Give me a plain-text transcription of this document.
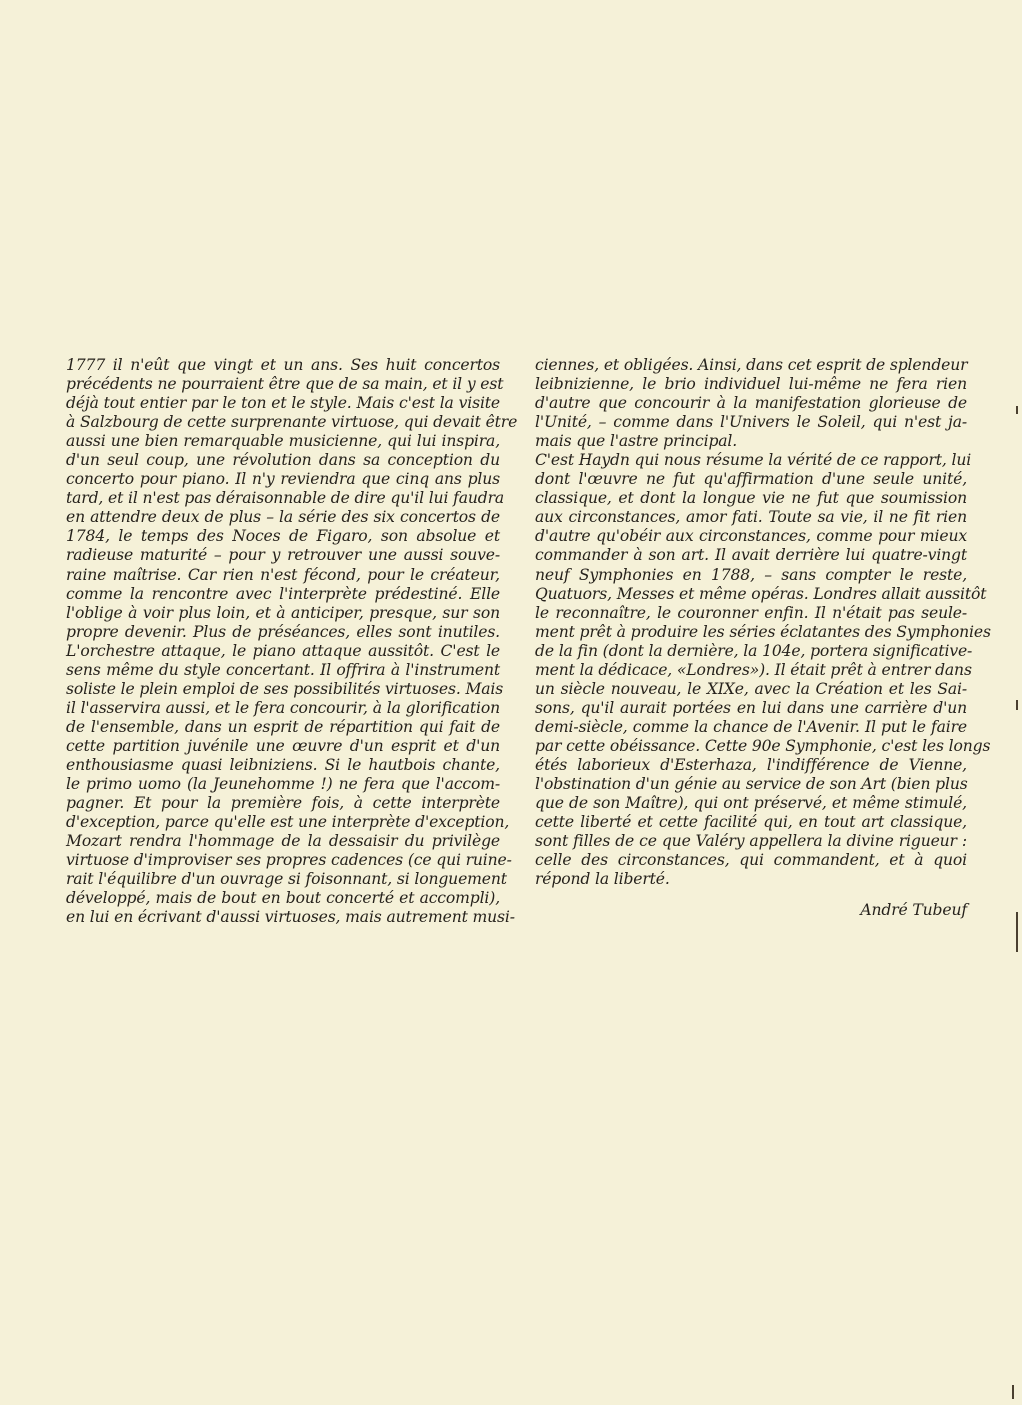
1777 il n'eût que vingt et un ans. Ses huit concertos
précédents ne pourraient être que de sa main, et il y est
déjà tout entier par le ton et le style. Mais c'est la visite
à Salzbourg de cette surprenante virtuose, qui devait être
aussi une bien remarquable musicienne, qui lui inspira,
d'un seul coup, une révolution dans sa conception du
concerto pour piano. Il n'y reviendra que cinq ans plus
tard, et il n'est pas déraisonnable de dire qu'il lui faudra
en attendre deux de plus – la série des six concertos de
1784, le temps des Noces de Figaro, son absolue et
radieuse maturité – pour y retrouver une aussi souve-
raine maîtrise. Car rien n'est fécond, pour le créateur,
comme la rencontre avec l'interprète prédestiné. Elle
l'oblige à voir plus loin, et à anticiper, presque, sur son
propre devenir. Plus de préséances, elles sont inutiles.
L'orchestre attaque, le piano attaque aussitôt. C'est le
sens même du style concertant. Il offrira à l'instrument
soliste le plein emploi de ses possibilités virtuoses. Mais
il l'asservira aussi, et le fera concourir, à la glorification
de l'ensemble, dans un esprit de répartition qui fait de
cette partition juvénile une œuvre d'un esprit et d'un
enthousiasme quasi leibniziens. Si le hautbois chante,
le primo uomo (la Jeunehomme !) ne fera que l'accom-
pagner. Et pour la première fois, à cette interprète
d'exception, parce qu'elle est une interprète d'exception,
Mozart rendra l'hommage de la dessaisir du privilège
virtuose d'improviser ses propres cadences (ce qui ruine-
rait l'équilibre d'un ouvrage si foisonnant, si longuement
développé, mais de bout en bout concerté et accompli),
en lui en écrivant d'aussi virtuoses, mais autrement musi-
ciennes, et obligées. Ainsi, dans cet esprit de splendeur
leibnizienne, le brio individuel lui-même ne fera rien
d'autre que concourir à la manifestation glorieuse de
l'Unité, – comme dans l'Univers le Soleil, qui n'est ja-
mais que l'astre principal.
C'est Haydn qui nous résume la vérité de ce rapport, lui
dont l'œuvre ne fut qu'affirmation d'une seule unité,
classique, et dont la longue vie ne fut que soumission
aux circonstances, amor fati. Toute sa vie, il ne fit rien
d'autre qu'obéir aux circonstances, comme pour mieux
commander à son art. Il avait derrière lui quatre-vingt
neuf Symphonies en 1788, – sans compter le reste,
Quatuors, Messes et même opéras. Londres allait aussitôt
le reconnaître, le couronner enfin. Il n'était pas seule-
ment prêt à produire les séries éclatantes des Symphonies
de la fin (dont la dernière, la 104e, portera significative-
ment la dédicace, «Londres»). Il était prêt à entrer dans
un siècle nouveau, le XIXe, avec la Création et les Sai-
sons, qu'il aurait portées en lui dans une carrière d'un
demi-siècle, comme la chance de l'Avenir. Il put le faire
par cette obéissance. Cette 90e Symphonie, c'est les longs
étés laborieux d'Esterhaza, l'indifférence de Vienne,
l'obstination d'un génie au service de son Art (bien plus
que de son Maître), qui ont préservé, et même stimulé,
cette liberté et cette facilité qui, en tout art classique,
sont filles de ce que Valéry appellera la divine rigueur :
celle des circonstances, qui commandent, et à quoi
répond la liberté.
André Tubeuf
